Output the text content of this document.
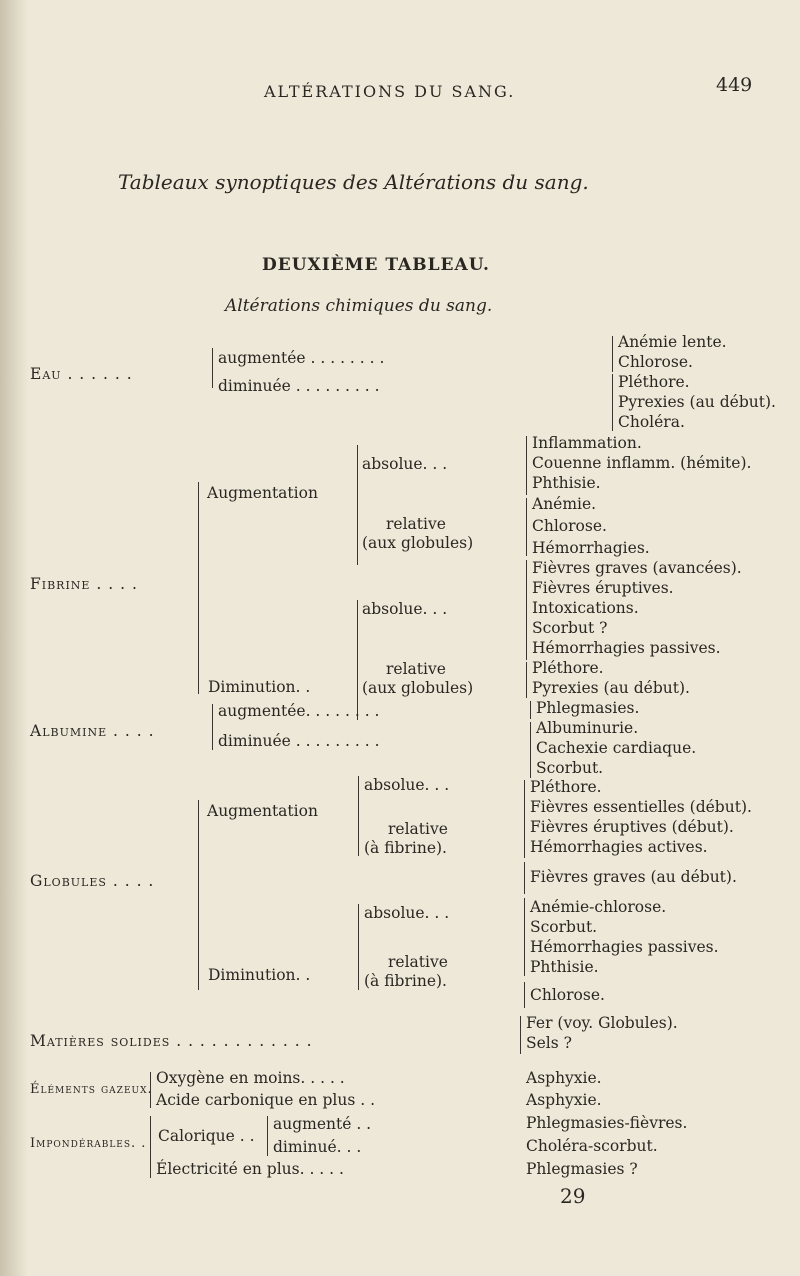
ALTÉRATIONS DU SANG.	449
Tableaux synoptiques des Altérations du sang.
DEUXIÈME TABLEAU.
Altérations chimiques du sang.
Eau . . . . . .
augmentée . . . . . . . .
diminuée . . . . . . . . .
Anémie lente.
Chlorose.
Pléthore.
Pyrexies (au début).
Choléra.
Fibrine . . . .
Augmentation
Diminution. .
absolue. . .
relative
(aux globules)
absolue. . .
relative
(aux globules)
Inflammation.
Couenne inflamm. (hémite).
Phthisie.
Anémie.
Chlorose.
Hémorrhagies.
Fièvres graves (avancées).
Fièvres éruptives.
Intoxications.
Scorbut ?
Hémorrhagies passives.
Pléthore.
Pyrexies (au début).
Albumine . . . .
augmentée. . . . . . . .
diminuée . . . . . . . . .
Phlegmasies.
Albuminurie.
Cachexie cardiaque.
Scorbut.
Globules . . . .
Augmentation
Diminution. .
absolue. . .
relative
(à fibrine).
absolue. . .
relative
(à fibrine).
Pléthore.
Fièvres essentielles (début).
Fièvres éruptives (début).
Hémorrhagies actives.
Fièvres graves (au début).
Anémie-chlorose.
Scorbut.
Hémorrhagies passives.
Phthisie.
Chlorose.
Matières solides . . . . . . . . . . . .
Fer (voy. Globules).
Sels ?
Éléments gazeux.
Oxygène en moins. . . . .
Acide carbonique en plus . .
Asphyxie.
Asphyxie.
Impondérables. . Calorique . .
augmenté . .
diminué. . .
Électricité en plus. . . . .
Phlegmasies-fièvres.
Choléra-scorbut.
Phlegmasies ?
29
